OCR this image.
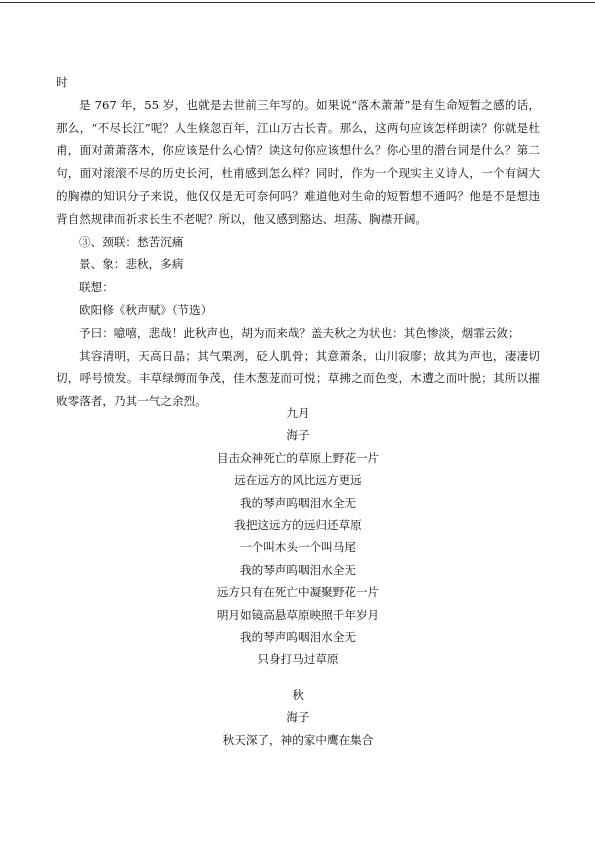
时

是 767 年，55 岁，也就是去世前三年写的。如果说“落木萧萧”是有生命短暂之感的话，那么，“不尽长江”呢？人生倏忽百年，江山万古长青。那么，这两句应该怎样朗读？你就是杜甫，面对萧萧落木，你应该是什么心情？读这句你应该想什么？你心里的潜台词是什么？第二句，面对滚滚不尽的历史长河，杜甫感到怎么样？同时，作为一个现实主义诗人，一个有阔大的胸襟的知识分子来说，他仅仅是无可奈何吗？难道他对生命的短暂想不通吗？他是不是想违背自然规律而祈求长生不老呢？所以，他又感到豁达、坦荡、胸襟开阔。

③、颈联：愁苦沉痛

景、象：悲秋，多病

联想：

欧阳修《秋声赋》（节选）

予曰：噫嘻，悲哉！此秋声也，胡为而来哉？盖夫秋之为状也：其色惨淡，烟霏云敛；

其容清明，天高日晶；其气栗冽，砭人肌骨；其意萧条，山川寂廖；故其为声也，凄凄切切，呼号愤发。丰草绿缛而争茂，佳木葱茏而可悦；草拂之而色变，木遭之而叶脱；其所以摧败零落者，乃其一气之余烈。

九月

海子

目击众神死亡的草原上野花一片

远在远方的风比远方更远

我的琴声呜咽泪水全无

我把这远方的远归还草原

一个叫木头一个叫马尾

我的琴声呜咽泪水全无

远方只有在死亡中凝聚野花一片

明月如镜高悬草原映照千年岁月

我的琴声呜咽泪水全无

只身打马过草原

秋

海子

秋天深了，神的家中鹰在集合
